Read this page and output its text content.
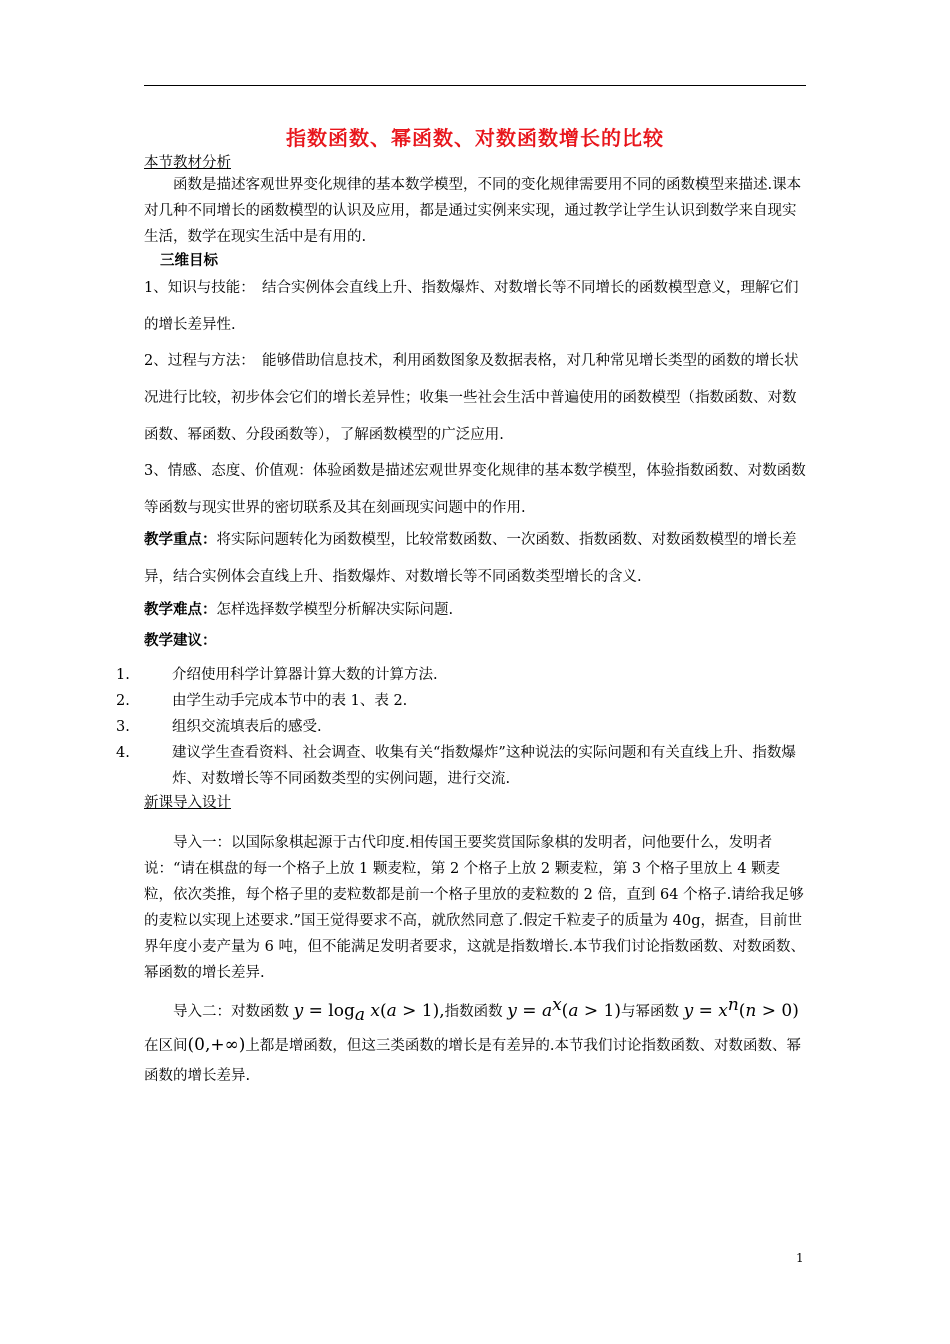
指数函数、幂函数、对数函数增长的比较
本节教材分析
函数是描述客观世界变化规律的基本数学模型，不同的变化规律需要用不同的函数模型来描述.课本对几种不同增长的函数模型的认识及应用，都是通过实例来实现，通过教学让学生认识到数学来自现实生活，数学在现实生活中是有用的.
三维目标
1、知识与技能：　结合实例体会直线上升、指数爆炸、对数增长等不同增长的函数模型意义，理解它们的增长差异性.
2、过程与方法：　能够借助信息技术，利用函数图象及数据表格，对几种常见增长类型的函数的增长状况进行比较，初步体会它们的增长差异性；收集一些社会生活中普遍使用的函数模型（指数函数、对数函数、幂函数、分段函数等），了解函数模型的广泛应用.
3、情感、态度、价值观：体验函数是描述宏观世界变化规律的基本数学模型，体验指数函数、对数函数等函数与现实世界的密切联系及其在刻画现实问题中的作用.
教学重点：将实际问题转化为函数模型，比较常数函数、一次函数、指数函数、对数函数模型的增长差异，结合实例体会直线上升、指数爆炸、对数增长等不同函数类型增长的含义.
教学难点：怎样选择数学模型分析解决实际问题.
教学建议：
1.	介绍使用科学计算器计算大数的计算方法.
2.	由学生动手完成本节中的表 1、表 2.
3.	组织交流填表后的感受.
4.	建议学生查看资料、社会调查、收集有关“指数爆炸”这种说法的实际问题和有关直线上升、指数爆炸、对数增长等不同函数类型的实例问题，进行交流.
新课导入设计
导入一：以国际象棋起源于古代印度.相传国王要奖赏国际象棋的发明者，问他要什么，发明者说：“请在棋盘的每一个格子上放 1 颗麦粒，第 2 个格子上放 2 颗麦粒，第 3 个格子里放上 4 颗麦粒，依次类推，每个格子里的麦粒数都是前一个格子里放的麦粒数的 2 倍，直到 64 个格子.请给我足够的麦粒以实现上述要求.”国王觉得要求不高，就欣然同意了.假定千粒麦子的质量为 40g，据查，目前世界年度小麦产量为 6 吨，但不能满足发明者要求，这就是指数增长.本节我们讨论指数函数、对数函数、幂函数的增长差异.
导入二：对数函数 $y = \log_a x(a > 1)$,指数函数 $y = a^x(a > 1)$与幂函数 $y = x^n(n > 0)$在区间(0,+∞)上都是增函数，但这三类函数的增长是有差异的.本节我们讨论指数函数、对数函数、幂函数的增长差异.
1
